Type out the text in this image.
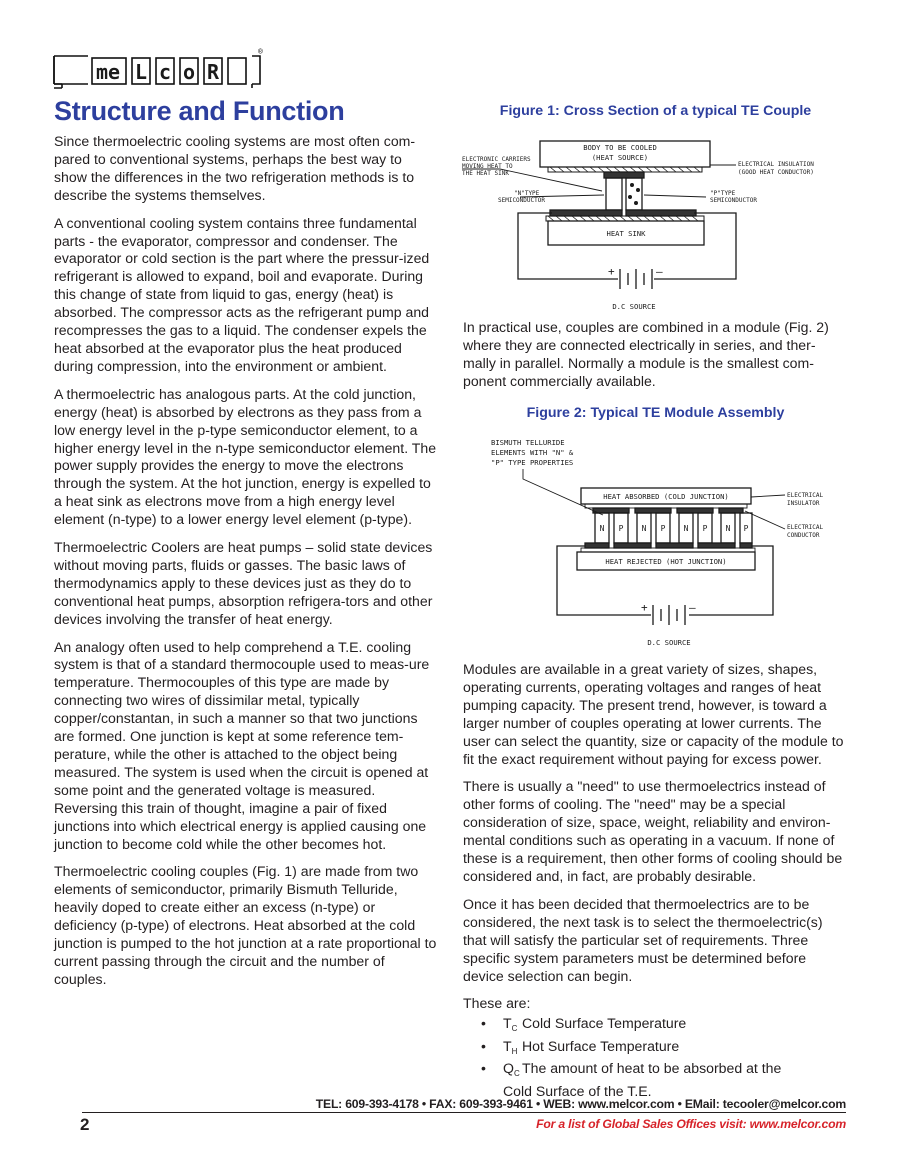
me L c o R
®
Structure and Function

Since thermoelectric cooling systems are most often com-pared to conventional systems, perhaps the best way to show the differences in the two refrigeration methods is to describe the systems themselves.

A conventional cooling system contains three fundamental parts - the evaporator, compressor and condenser. The evaporator or cold section is the part where the pressur-ized refrigerant is allowed to expand, boil and evaporate. During this change of state from liquid to gas, energy (heat) is absorbed. The compressor acts as the refrigerant pump and recompresses the gas to a liquid. The condenser expels the heat absorbed at the evaporator plus the heat produced during compression, into the environment or ambient.

A thermoelectric has analogous parts. At the cold junction, energy (heat) is absorbed by electrons as they pass from a low energy level in the p-type semiconductor element, to a higher energy level in the n-type semiconductor element. The power supply provides the energy to move the electrons through the system. At the hot junction, energy is expelled to a heat sink as electrons move from a high energy level element (n-type) to a lower energy level element (p-type).

Thermoelectric Coolers are heat pumps – solid state devices without moving parts, fluids or gasses. The basic laws of thermodynamics apply to these devices just as they do to conventional heat pumps, absorption refrigera-tors and other devices involving the transfer of heat energy.

An analogy often used to help comprehend a T.E. cooling system is that of a standard thermocouple used to meas-ure temperature. Thermocouples of this type are made by connecting two wires of dissimilar metal, typically copper/constantan, in such a manner so that two junctions are formed. One junction is kept at some reference tem-perature, while the other is attached to the object being measured. The system is used when the circuit is opened at some point and the generated voltage is measured. Reversing this train of thought, imagine a pair of fixed junctions into which electrical energy is applied causing one junction to become cold while the other becomes hot.

Thermoelectric cooling couples (Fig. 1) are made from two elements of semiconductor, primarily Bismuth Telluride, heavily doped to create either an excess (n-type) or deficiency (p-type) of electrons. Heat absorbed at the cold junction is pumped to the hot junction at a rate proportional to current passing through the circuit and the number of couples.

Figure 1: Cross Section of a typical TE Couple
BODY TO BE COOLED
(HEAT SOURCE)
ELECTRONIC CARRIERS
MOVING HEAT TO
THE HEAT SINK
ELECTRICAL INSULATION
(GOOD HEAT CONDUCTOR)
"N"TYPE
SEMICONDUCTOR
"P"TYPE
SEMICONDUCTOR
HEAT SINK
+	–
D.C SOURCE

In practical use, couples are combined in a module (Fig. 2) where they are connected electrically in series, and ther-mally in parallel. Normally a module is the smallest com-ponent commercially available.

Figure 2: Typical TE Module Assembly
BISMUTH TELLURIDE
ELEMENTS WITH "N" &
"P" TYPE PROPERTIES
HEAT ABSORBED (COLD JUNCTION)
HEAT REJECTED (HOT JUNCTION)
ELECTRICAL
INSULATOR
ELECTRICAL
CONDUCTOR
N P N P N P N P
+	–
D.C SOURCE

Modules are available in a great variety of sizes, shapes, operating currents, operating voltages and ranges of heat pumping capacity. The present trend, however, is toward a larger number of couples operating at lower currents. The user can select the quantity, size or capacity of the module to fit the exact requirement without paying for excess power.

There is usually a "need" to use thermoelectrics instead of other forms of cooling. The "need" may be a special consideration of size, space, weight, reliability and environ-mental conditions such as operating in a vacuum. If none of these is a requirement, then other forms of cooling should be considered and, in fact, are probably desirable.

Once it has been decided that thermoelectrics are to be considered, the next task is to select the thermoelectric(s) that will satisfy the particular set of requirements. Three specific system parameters must be determined before device selection can begin.

These are:

• $T_C$ Cold Surface Temperature
• $T_H$ Hot Surface Temperature
• $Q_C$ The amount of heat to be absorbed at the
Cold Surface of the T.E.
TEL: 609-393-4178 • FAX: 609-393-9461 • WEB: www.melcor.com • EMail: tecooler@melcor.com
2	For a list of Global Sales Offices visit: www.melcor.com
